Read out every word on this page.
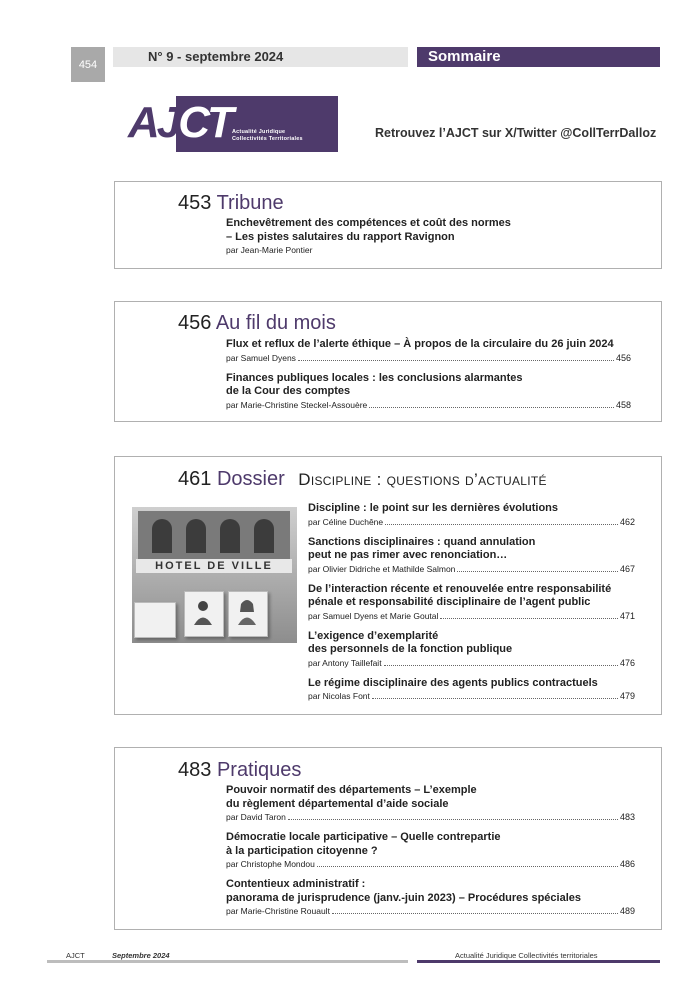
454
N° 9 - septembre 2024	Sommaire
AJCT Actualité Juridique
Collectivités Territoriales	Retrouvez l’AJCT sur X/Twitter @CollTerrDalloz
453 Tribune
Enchevêtrement des compétences et coût des normes
– Les pistes salutaires du rapport Ravignon
par Jean-Marie Pontier
456 Au fil du mois
Flux et reflux de l’alerte éthique – À propos de la circulaire du 26 juin 2024
par Samuel Dyens	456
Finances publiques locales : les conclusions alarmantes
de la Cour des comptes
par Marie-Christine Steckel-Assouère	458
461 Dossier Discipline : questions d’actualité
HOTEL DE VILLE
Discipline : le point sur les dernières évolutions
par Céline Duchêne	462
Sanctions disciplinaires : quand annulation
peut ne pas rimer avec renonciation…
par Olivier Didriche et Mathilde Salmon	467
De l’interaction récente et renouvelée entre responsabilité
pénale et responsabilité disciplinaire de l’agent public
par Samuel Dyens et Marie Goutal	471
L’exigence d’exemplarité
des personnels de la fonction publique
par Antony Taillefait	476
Le régime disciplinaire des agents publics contractuels
par Nicolas Font	479
483 Pratiques
Pouvoir normatif des départements – L’exemple
du règlement départemental d’aide sociale
par David Taron	483
Démocratie locale participative – Quelle contrepartie
à la participation citoyenne ?
par Christophe Mondou	486
Contentieux administratif :
panorama de jurisprudence (janv.-juin 2023) – Procédures spéciales
par Marie-Christine Rouault	489
AJCT	Septembre 2024	Actualité Juridique Collectivités territoriales
